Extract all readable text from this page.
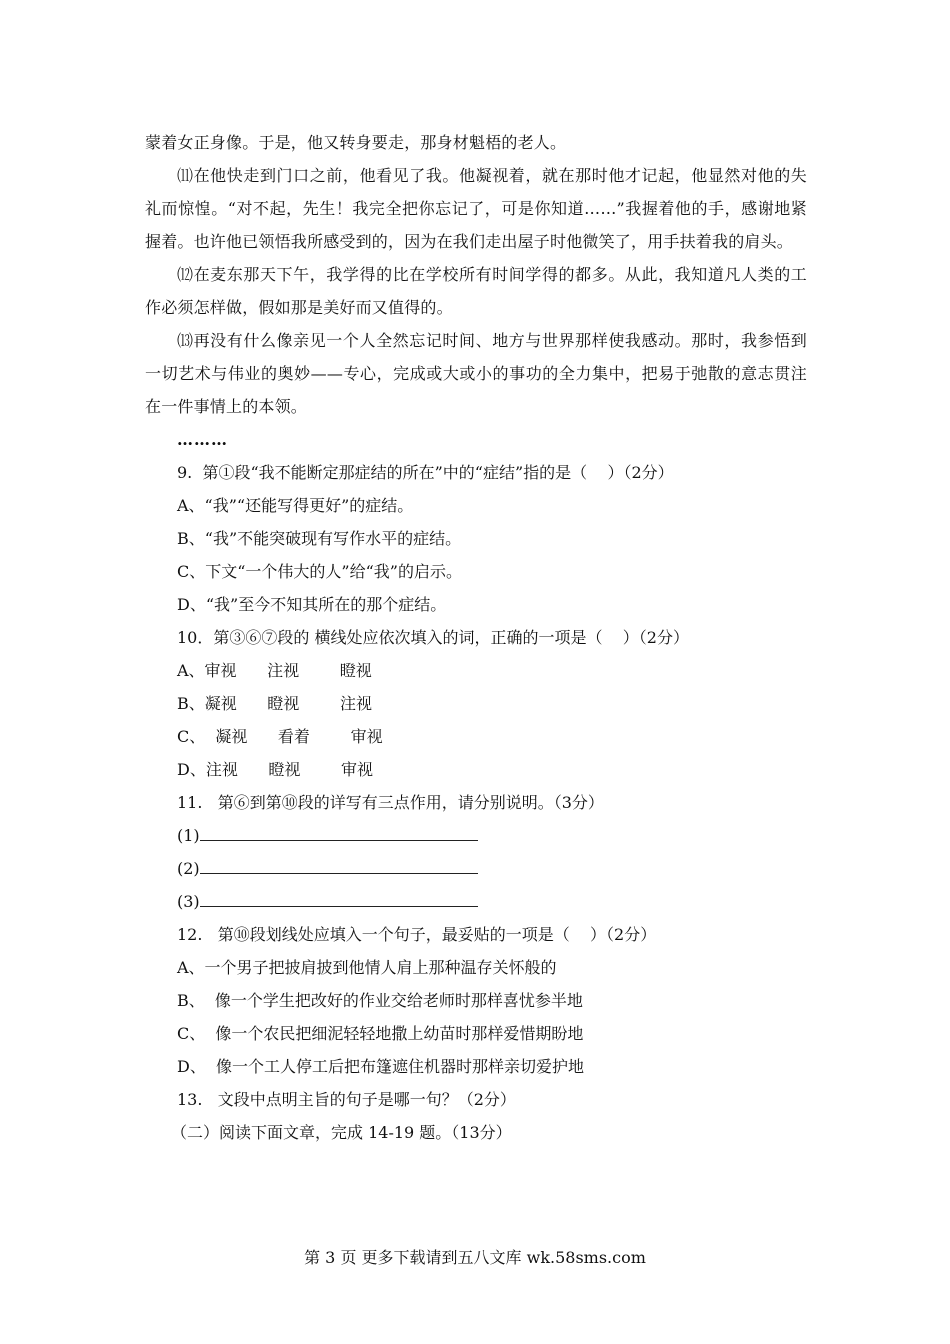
蒙着女正身像。于是，他又转身要走，那身材魁梧的老人。

⑾在他快走到门口之前，他看见了我。他凝视着，就在那时他才记起，他显然对他的失礼而惊惶。“对不起，先生！我完全把你忘记了，可是你知道……”我握着他的手，感谢地紧握着。也许他已领悟我所感受到的，因为在我们走出屋子时他微笑了，用手扶着我的肩头。

⑿在麦东那天下午，我学得的比在学校所有时间学得的都多。从此，我知道凡人类的工作必须怎样做，假如那是美好而又值得的。

⒀再没有什么像亲见一个人全然忘记时间、地方与世界那样使我感动。那时，我参悟到一切艺术与伟业的奥妙——专心，完成或大或小的事功的全力集中，把易于弛散的意志贯注在一件事情上的本领。

………

9.  第①段“我不能断定那症结的所在”中的“症结”指的是（    ）（2分）

A、“我”“还能写得更好”的症结。

B、“我”不能突破现有写作水平的症结。

C、下文“一个伟大的人”给“我”的启示。

D、“我”至今不知其所在的那个症结。

10．第③⑥⑦段的 横线处应依次填入的词，正确的一项是（    ）（2分）

A、审视      注视        瞪视

B、凝视      瞪视        注视

C、  凝视      看着        审视

D、注视      瞪视        审视

11.   第⑥到第⑩段的详写有三点作用，请分别说明。（3分）

(1)
(2)
(3)

12.   第⑩段划线处应填入一个句子，最妥贴的一项是（    ）（2分）

A、一个男子把披肩披到他情人肩上那种温存关怀般的

B、  像一个学生把改好的作业交给老师时那样喜忧参半地

C、  像一个农民把细泥轻轻地撒上幼苗时那样爱惜期盼地

D、  像一个工人停工后把布篷遮住机器时那样亲切爱护地

13.   文段中点明主旨的句子是哪一句？（2分）

（二）阅读下面文章，完成 14-19 题。（13分）

第 3 页 更多下载请到五八文库 wk.58sms.com
